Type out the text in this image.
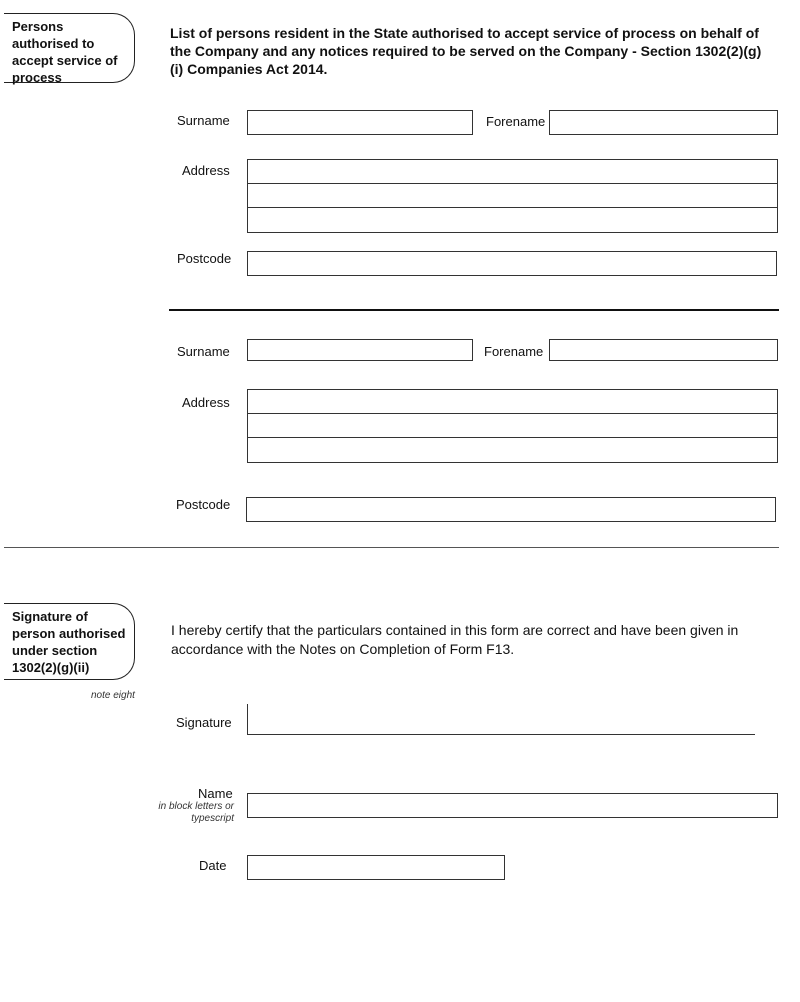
Persons authorised to accept service of process
List of persons resident in the State authorised to accept service of process on behalf of the Company and any notices required to be served on the Company - Section 1302(2)(g)(i) Companies Act 2014.
Surname	Forename
Address
Postcode
Surname	Forename
Address
Postcode
Signature of person authorised under section 1302(2)(g)(ii)
note eight
I hereby certify that the particulars contained in this form are correct and have been given in accordance with the Notes on Completion of Form F13.
Signature
Name
in block letters or typescript
Date
